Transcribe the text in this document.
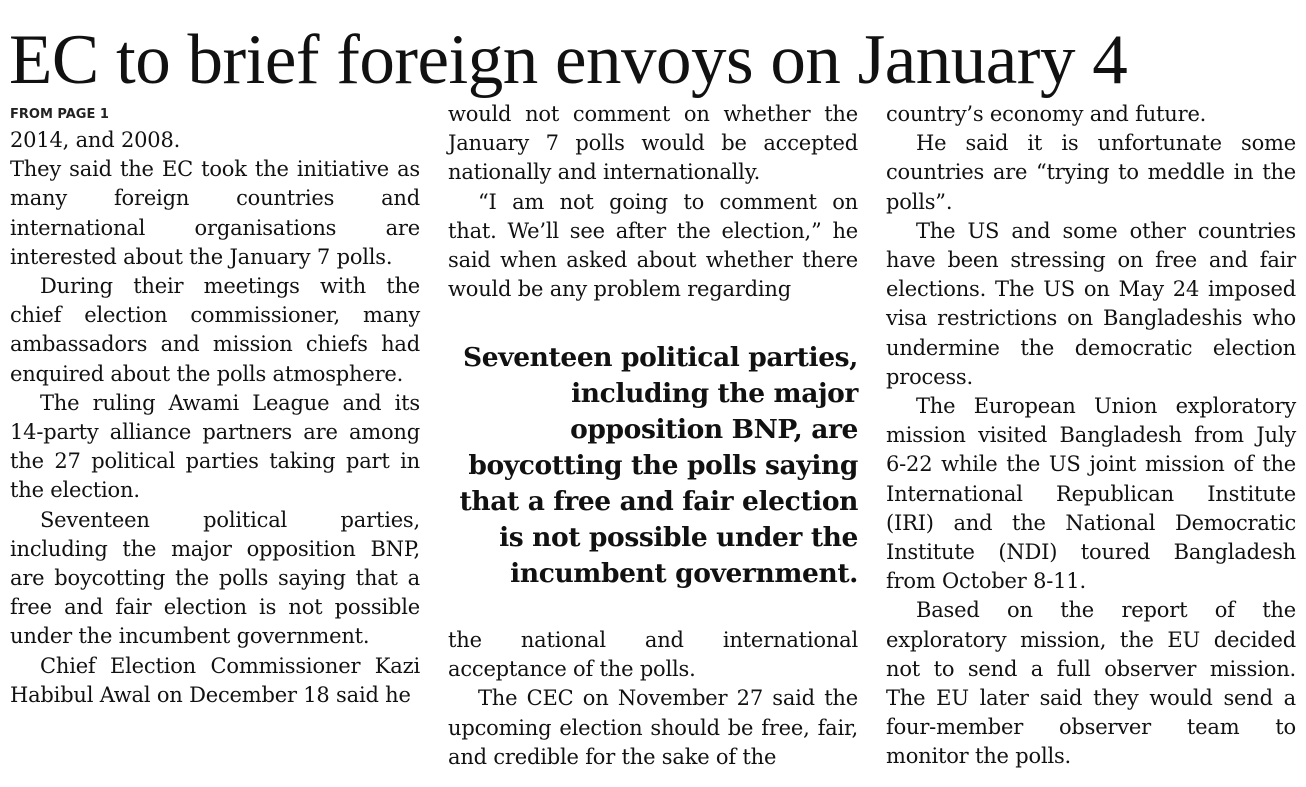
EC to brief foreign envoys on January 4
FROM PAGE 1

2014, and 2008.

They said the EC took the initiative as many foreign countries and international organisations are interested about the January 7 polls.

During their meetings with the chief election commissioner, many ambassadors and mission chiefs had enquired about the polls atmosphere.

The ruling Awami League and its 14-party alliance partners are among the 27 political parties taking part in the election.

Seventeen political parties, including the major opposition BNP, are boycotting the polls saying that a free and fair election is not possible under the incumbent government.

Chief Election Commissioner Kazi Habibul Awal on December 18 said he

would not comment on whether the January 7 polls would be accepted nationally and internationally.

“I am not going to comment on that. We’ll see after the election,” he said when asked about whether there would be any problem regarding

Seventeen political parties, including the major opposition BNP, are boycotting the polls saying that a free and fair election is not possible under the incumbent government.

the national and international acceptance of the polls.

The CEC on November 27 said the upcoming election should be free, fair, and credible for the sake of the

country’s economy and future.

He said it is unfortunate some countries are “trying to meddle in the polls”.

The US and some other countries have been stressing on free and fair elections. The US on May 24 imposed visa restrictions on Bangladeshis who undermine the democratic election process.

The European Union exploratory mission visited Bangladesh from July 6-22 while the US joint mission of the International Republican Institute (IRI) and the National Democratic Institute (NDI) toured Bangladesh from October 8-11.

Based on the report of the exploratory mission, the EU decided not to send a full observer mission. The EU later said they would send a four-member observer team to monitor the polls.
